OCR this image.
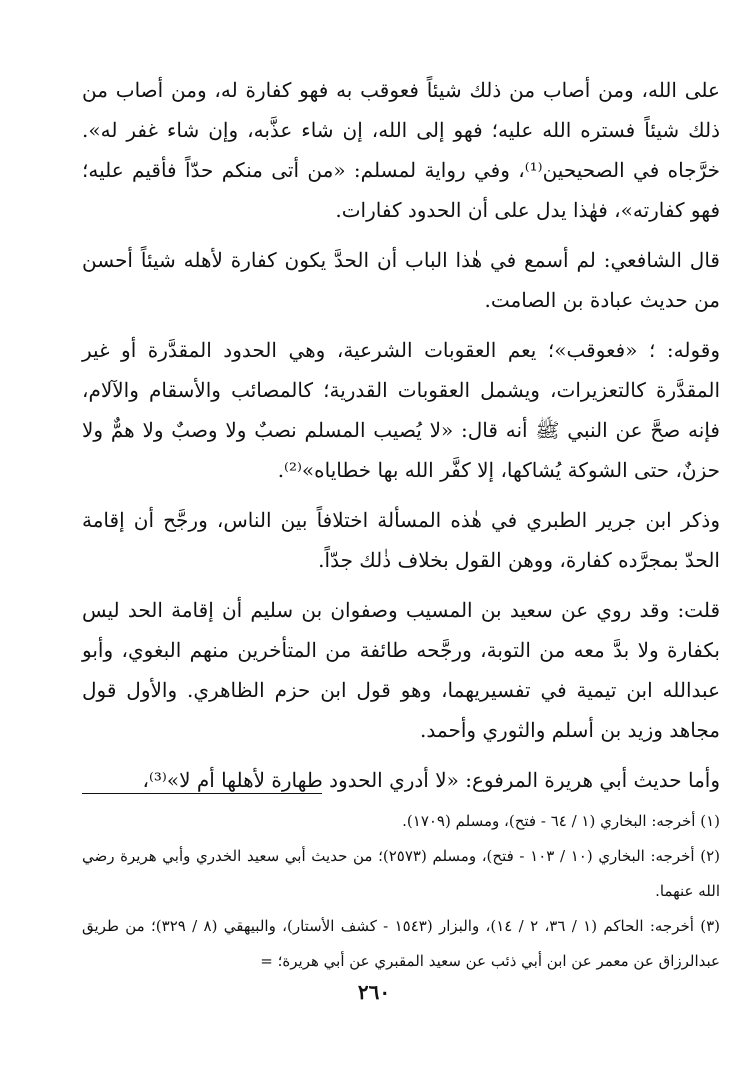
على الله، ومن أصاب من ذلك شيئاً فعوقب به فهو كفارة له، ومن أصاب من ذلك شيئاً فستره الله عليه؛ فهو إلى الله، إن شاء عذَّبه، وإن شاء غفر له». خرَّجاه في الصحيحين⁽¹⁾، وفي رواية لمسلم: «من أتى منكم حدّاً فأقيم عليه؛ فهو كفارته»، فهٰذا يدل على أن الحدود كفارات.

قال الشافعي: لم أسمع في هٰذا الباب أن الحدَّ يكون كفارة لأهله شيئاً أحسن من حديث عبادة بن الصامت.

وقوله: ؛ «فعوقب»؛ يعم العقوبات الشرعية، وهي الحدود المقدَّرة أو غير المقدَّرة كالتعزيرات، ويشمل العقوبات القدرية؛ كالمصائب والأسقام والآلام، فإنه صحَّ عن النبي ﷺ أنه قال: «لا يُصيب المسلم نصبٌ ولا وصبٌ ولا همٌّ ولا حزنٌ، حتى الشوكة يُشاكها، إلا كفَّر الله بها خطاياه»⁽²⁾.

وذكر ابن جرير الطبري في هٰذه المسألة اختلافاً بين الناس، ورجَّح أن إقامة الحدّ بمجرَّده كفارة، ووهن القول بخلاف ذٰلك جدّاً.

قلت: وقد روي عن سعيد بن المسيب وصفوان بن سليم أن إقامة الحد ليس بكفارة ولا بدَّ معه من التوبة، ورجَّحه طائفة من المتأخرين منهم البغوي، وأبو عبدالله ابن تيمية في تفسيريهما، وهو قول ابن حزم الظاهري. والأول قول مجاهد وزيد بن أسلم والثوري وأحمد.

وأما حديث أبي هريرة المرفوع: «لا أدري الحدود طهارة لأهلها أم لا»⁽³⁾،

(١) أخرجه: البخاري (١ / ٦٤ - فتح)، ومسلم (١٧٠٩).

(٢) أخرجه: البخاري (١٠ / ١٠٣ - فتح)، ومسلم (٢٥٧٣)؛ من حديث أبي سعيد الخدري وأبي هريرة رضي الله عنهما.

(٣) أخرجه: الحاكم (١ / ٣٦، ٢ / ١٤)، والبزار (١٥٤٣ - كشف الأستار)، والبيهقي (٨ / ٣٢٩)؛ من طريق عبدالرزاق عن معمر عن ابن أبي ذئب عن سعيد المقبري عن أبي هريرة؛ =

٢٦٠
